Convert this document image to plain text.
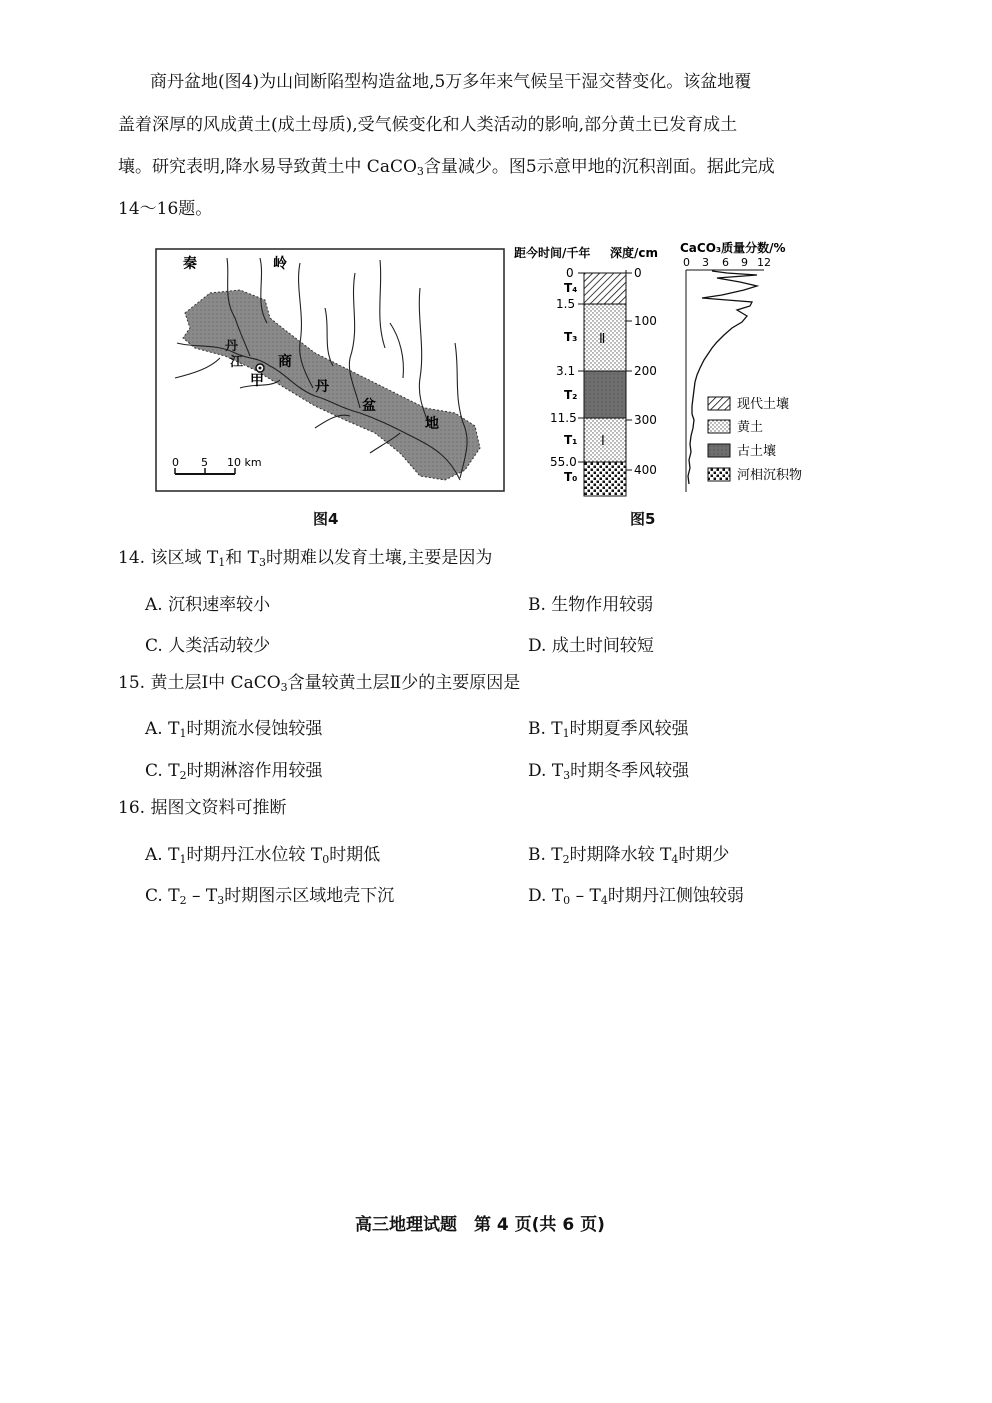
商丹盆地(图4)为山间断陷型构造盆地,5万多年来气候呈干湿交替变化。该盆地覆
盖着深厚的风成黄土(成土母质),受气候变化和人类活动的影响,部分黄土已发育成土
壤。研究表明,降水易导致黄土中 CaCO$_3$含量减少。图5示意甲地的沉积剖面。据此完成
14～16题。
秦	岭
丹
江 商
丹
盆
地
甲
0 5 10 km
图4
距今时间/千年 深度/cm CaCO₃质量分数/%
0 3 6 9 12
Ⅱ
Ⅰ
0
100
200
300
400
0
1.5
3.1
11.5
55.0
T₄
T₃
T₂
T₁
T₀
现代土壤
黄土
古土壤
河相沉积物
图5
14. 该区域 $T_1$和 $T_3$时期难以发育土壤,主要是因为
A. 沉积速率较小	B. 生物作用较弱
C. 人类活动较少	D. 成土时间较短
15. 黄土层Ⅰ中 CaCO$_3$含量较黄土层Ⅱ少的主要原因是
A. $T_1$时期流水侵蚀较强	B. $T_1$时期夏季风较强
C. $T_2$时期淋溶作用较强	D. $T_3$时期冬季风较强
16. 据图文资料可推断
A. $T_1$时期丹江水位较 $T_0$时期低	B. $T_2$时期降水较 $T_4$时期少
C. $T_2 - T_3$时期图示区域地壳下沉	D. $T_0 - T_4$时期丹江侧蚀较弱
高三地理试题　第 4 页(共 6 页)
